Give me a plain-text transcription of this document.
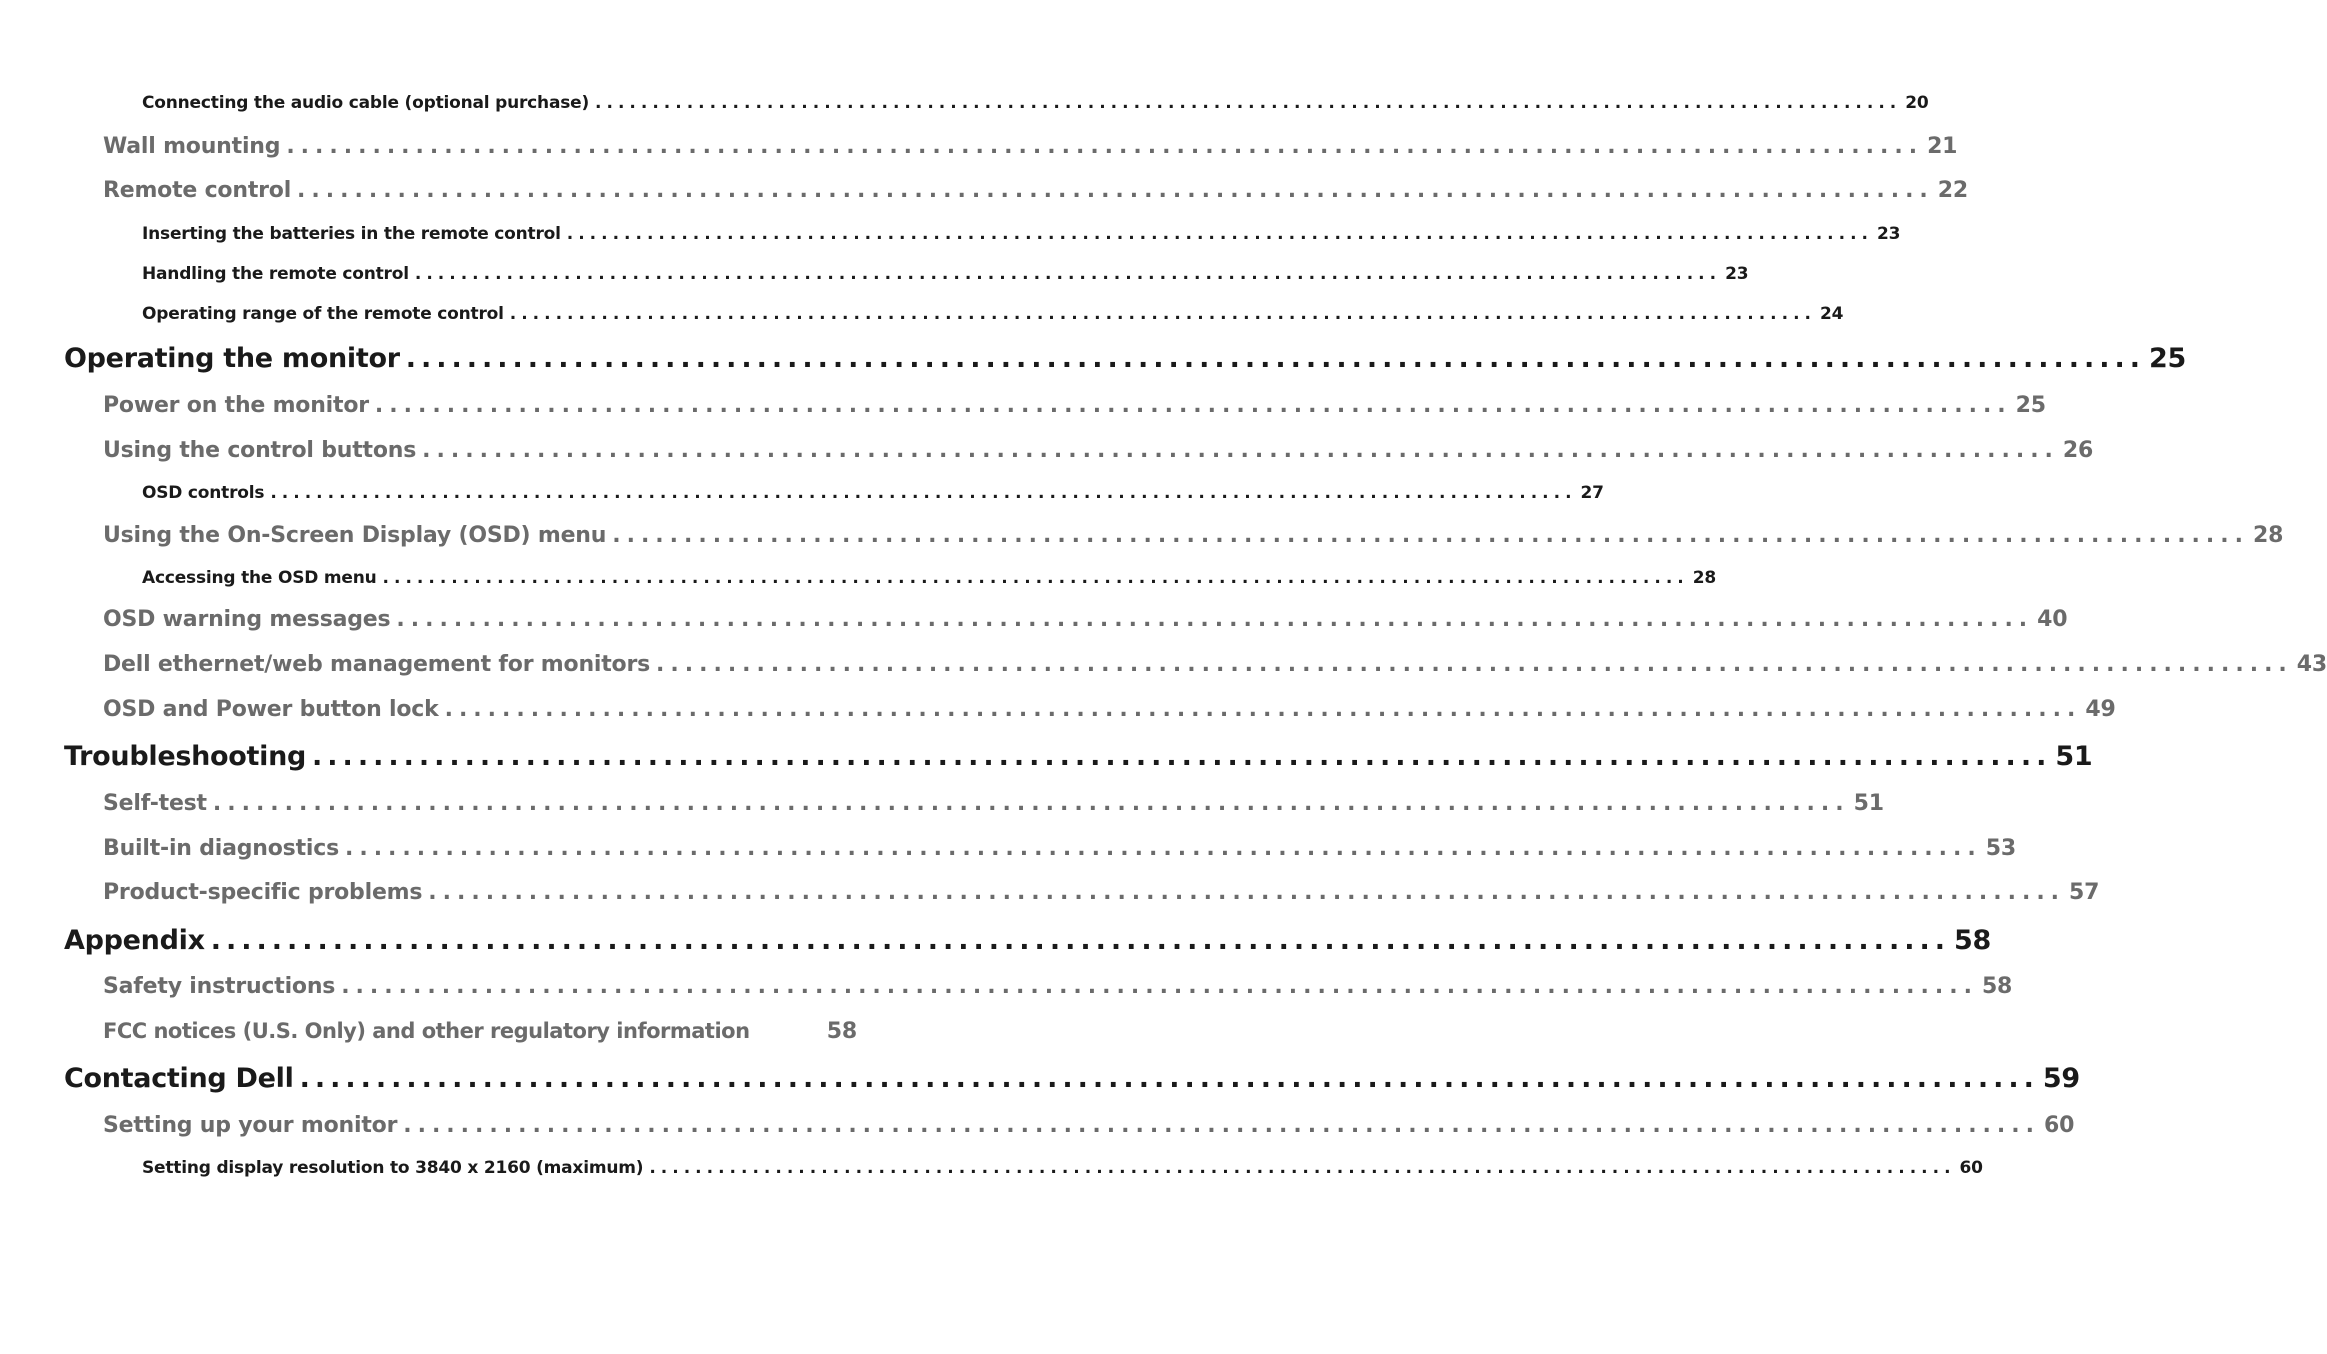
Connecting the audio cable (optional purchase) .................................................................................................................. 20
Wall mounting .................................................................................................................. 21
Remote control .................................................................................................................. 22
Inserting the batteries in the remote control .................................................................................................................. 23
Handling the remote control .................................................................................................................. 23
Operating range of the remote control .................................................................................................................. 24
Operating the monitor .................................................................................................................. 25
Power on the monitor .................................................................................................................. 25
Using the control buttons .................................................................................................................. 26
OSD controls .................................................................................................................. 27
Using the On-Screen Display (OSD) menu .................................................................................................................. 28
Accessing the OSD menu .................................................................................................................. 28
OSD warning messages .................................................................................................................. 40
Dell ethernet/web management for monitors .................................................................................................................. 43
OSD and Power button lock .................................................................................................................. 49
Troubleshooting .................................................................................................................. 51
Self-test .................................................................................................................. 51
Built-in diagnostics .................................................................................................................. 53
Product-specific problems .................................................................................................................. 57
Appendix .................................................................................................................. 58
Safety instructions .................................................................................................................. 58
FCC notices (U.S. Only) and other regulatory information	58
Contacting Dell .................................................................................................................. 59
Setting up your monitor .................................................................................................................. 60
Setting display resolution to 3840 x 2160 (maximum) .................................................................................................................. 60
